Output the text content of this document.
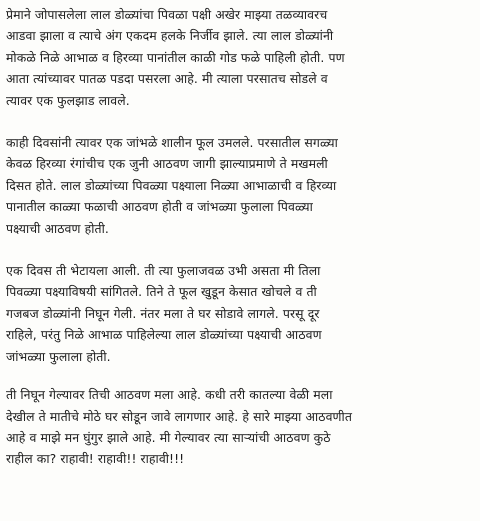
प्रेमाने जोपासलेला लाल डोळ्यांचा पिवळा पक्षी अखेर माझ्या तळव्यावरच
आडवा झाला व त्याचे अंग एकदम हलके निर्जीव झाले. त्या लाल डोळ्यांनी
मोकळे निळे आभाळ व हिरव्या पानांतील काळी गोड फळे पाहिली होती. पण
आता त्यांच्यावर पातळ पडदा पसरला आहे. मी त्याला परसातच सोडले व
त्यावर एक फुलझाड लावले.
काही दिवसांनी त्यावर एक जांभळे शालीन फूल उमलले. परसातील सगळ्या
केवळ हिरव्या रंगांचीच एक जुनी आठवण जागी झाल्याप्रमाणे ते मखमली
दिसत होते. लाल डोळ्यांच्या पिवळ्या पक्ष्याला निळ्या आभाळाची व हिरव्या
पानातील काळ्या फळाची आठवण होती व जांभळ्या फुलाला पिवळ्या
पक्ष्याची आठवण होती.
एक दिवस ती भेटायला आली. ती त्या फुलाजवळ उभी असता मी तिला
पिवळ्या पक्ष्याविषयी सांगितले. तिने ते फूल खुडून केसात खोचले व ती
गजबज डोळ्यांनी निघून गेली. नंतर मला ते घर सोडावे लागले. परसू दूर
राहिले, परंतु निळे आभाळ पाहिलेल्या लाल डोळ्यांच्या पक्ष्याची आठवण
जांभळ्या फुलाला होती.
ती निघून गेल्यावर तिची आठवण मला आहे. कधी तरी कातल्या वेळी मला
देखील ते मातीचे मोठे घर सोडून जावे लागणार आहे. हे सारे माझ्या आठवणीत
आहे व माझे मन घुंगुर झाले आहे. मी गेल्यावर त्या साऱ्यांची आठवण कुठे
राहील का? राहावी! राहावी!! राहावी!!!
